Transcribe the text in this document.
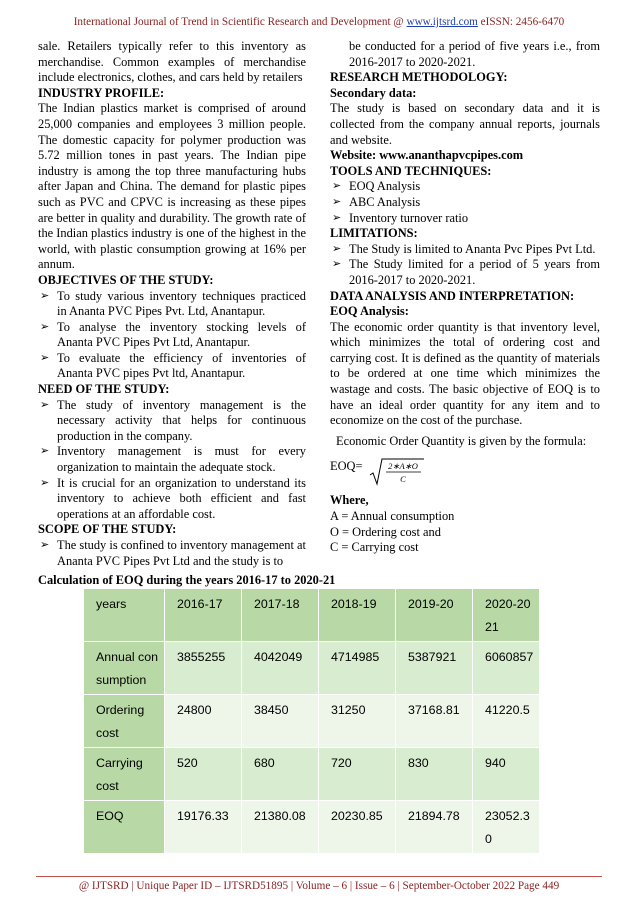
International Journal of Trend in Scientific Research and Development @ www.ijtsrd.com eISSN: 2456-6470

sale. Retailers typically refer to this inventory as merchandise. Common examples of merchandise include electronics, clothes, and cars held by retailers

INDUSTRY PROFILE:

The Indian plastics market is comprised of around 25,000 companies and employees 3 million people. The domestic capacity for polymer production was 5.72 million tones in past years. The Indian pipe industry is among the top three manufacturing hubs after Japan and China. The demand for plastic pipes such as PVC and CPVC is increasing as these pipes are better in quality and durability. The growth rate of the Indian plastics industry is one of the highest in the world, with plastic consumption growing at 16% per annum.

OBJECTIVES OF THE STUDY:

➢ To study various inventory techniques practiced in Ananta PVC Pipes Pvt. Ltd, Anantapur.
➢ To analyse the inventory stocking levels of Ananta PVC Pipes Pvt Ltd, Anantapur.
➢ To evaluate the efficiency of inventories of Ananta PVC pipes Pvt ltd, Anantapur.

NEED OF THE STUDY:

➢ The study of inventory management is the necessary activity that helps for continuous production in the company.
➢ Inventory management is must for every organization to maintain the adequate stock.
➢ It is crucial for an organization to understand its inventory to achieve both efficient and fast operations at an affordable cost.

SCOPE OF THE STUDY:

➢ The study is confined to inventory management at Ananta PVC Pipes Pvt Ltd and the study is to

be conducted for a period of five years i.e., from 2016-2017 to 2020-2021.

RESEARCH METHODOLOGY:

Secondary data:

The study is based on secondary data and it is collected from the company annual reports, journals and website.

Website: www.ananthapvcpipes.com

TOOLS AND TECHNIQUES:

➢ EOQ Analysis
➢ ABC Analysis
➢ Inventory turnover ratio

LIMITATIONS:

➢ The Study is limited to Ananta Pvc Pipes Pvt Ltd.
➢ The Study limited for a period of 5 years from 2016-2017 to 2020-2021.

DATA ANALYSIS AND INTERPRETATION:

EOQ Analysis:

The economic order quantity is that inventory level, which minimizes the total of ordering cost and carrying cost. It is defined as the quantity of materials to be ordered at one time which minimizes the wastage and costs. The basic objective of EOQ is to have an ideal order quantity for any item and to economize on the cost of the purchase.

Economic Order Quantity is given by the formula:

EOQ=	2∗A∗O
C

Where,

A = Annual consumption

O = Ordering cost and

C = Carrying cost

Calculation of EOQ during the years 2016-17 to 2020-21
years	2016-17	2017-18	2018-19	2019-20	2020-2021
Annual consumption	3855255	4042049	4714985	5387921	6060857
Ordering cost	24800	38450	31250	37168.81	41220.5
Carrying cost	520	680	720	830	940
EOQ	19176.33	21380.08	20230.85	21894.78	23052.30
@ IJTSRD | Unique Paper ID – IJTSRD51895 | Volume – 6 | Issue – 6 | September-October 2022 Page 449
